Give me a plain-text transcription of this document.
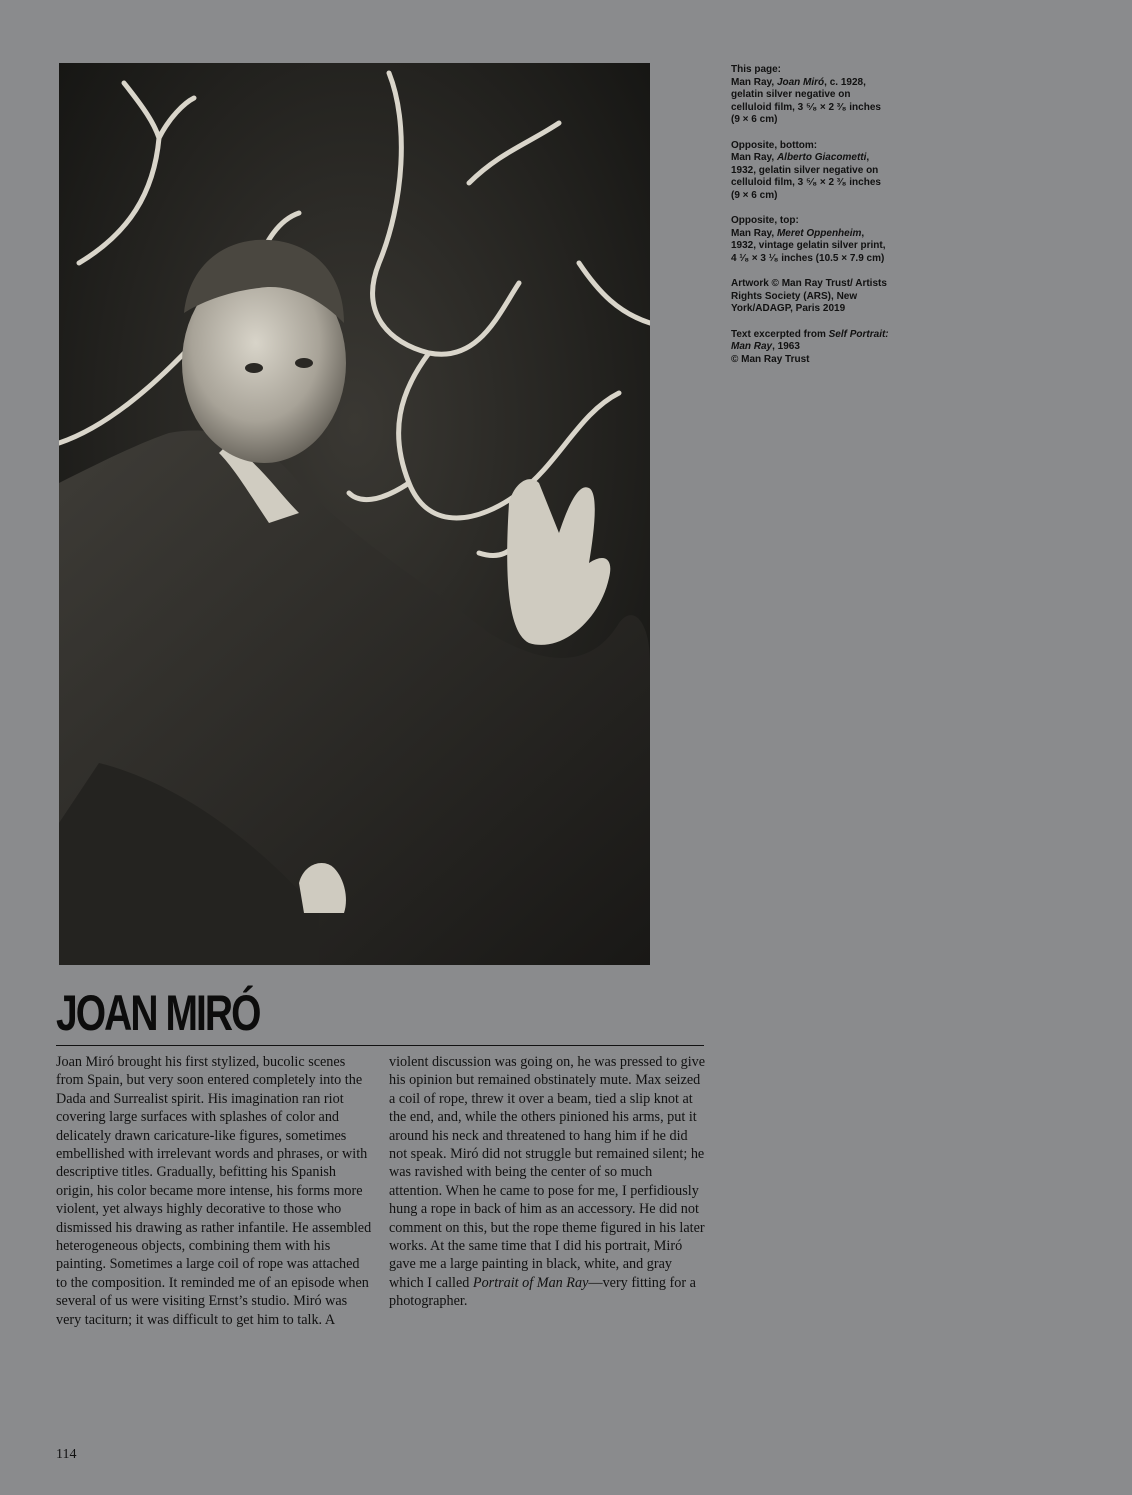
This page:

Man Ray, Joan Miró, c. 1928, gelatin silver negative on celluloid film, 3 ⁵⁄₈ × 2 ³⁄₈ inches (9 × 6 cm)

Opposite, bottom:

Man Ray, Alberto Giacometti, 1932, gelatin silver negative on celluloid film, 3 ⁵⁄₈ × 2 ³⁄₈ inches (9 × 6 cm)

Opposite, top:

Man Ray, Meret Oppenheim, 1932, vintage gelatin silver print, 4 ¹⁄₈ × 3 ¹⁄₈ inches (10.5 × 7.9 cm)

Artwork © Man Ray Trust/ Artists Rights Society (ARS), New York/ADAGP, Paris 2019

Text excerpted from Self Portrait: Man Ray, 1963

© Man Ray Trust

JOAN MIRÓ

Joan Miró brought his first stylized, bucolic scenes from Spain, but very soon entered completely into the Dada and Surrealist spirit. His imagination ran riot covering large surfaces with splashes of color and delicately drawn caricature-like figures, sometimes embellished with irrelevant words and phrases, or with descriptive titles. Gradually, befitting his Spanish origin, his color became more intense, his forms more violent, yet always highly decorative to those who dismissed his drawing as rather infantile. He assembled heterogeneous objects, combining them with his painting. Sometimes a large coil of rope was attached to the composition. It reminded me of an episode when several of us were visiting Ernst’s studio. Miró was very taciturn; it was difficult to get him to talk. A

violent discussion was going on, he was pressed to give his opinion but remained obstinately mute. Max seized a coil of rope, threw it over a beam, tied a slip knot at the end, and, while the others pinioned his arms, put it around his neck and threatened to hang him if he did not speak. Miró did not struggle but remained silent; he was ravished with being the center of so much attention. When he came to pose for me, I perfidiously hung a rope in back of him as an accessory. He did not comment on this, but the rope theme figured in his later works. At the same time that I did his portrait, Miró gave me a large painting in black, white, and gray which I called Portrait of Man Ray—very fitting for a photographer.

114
